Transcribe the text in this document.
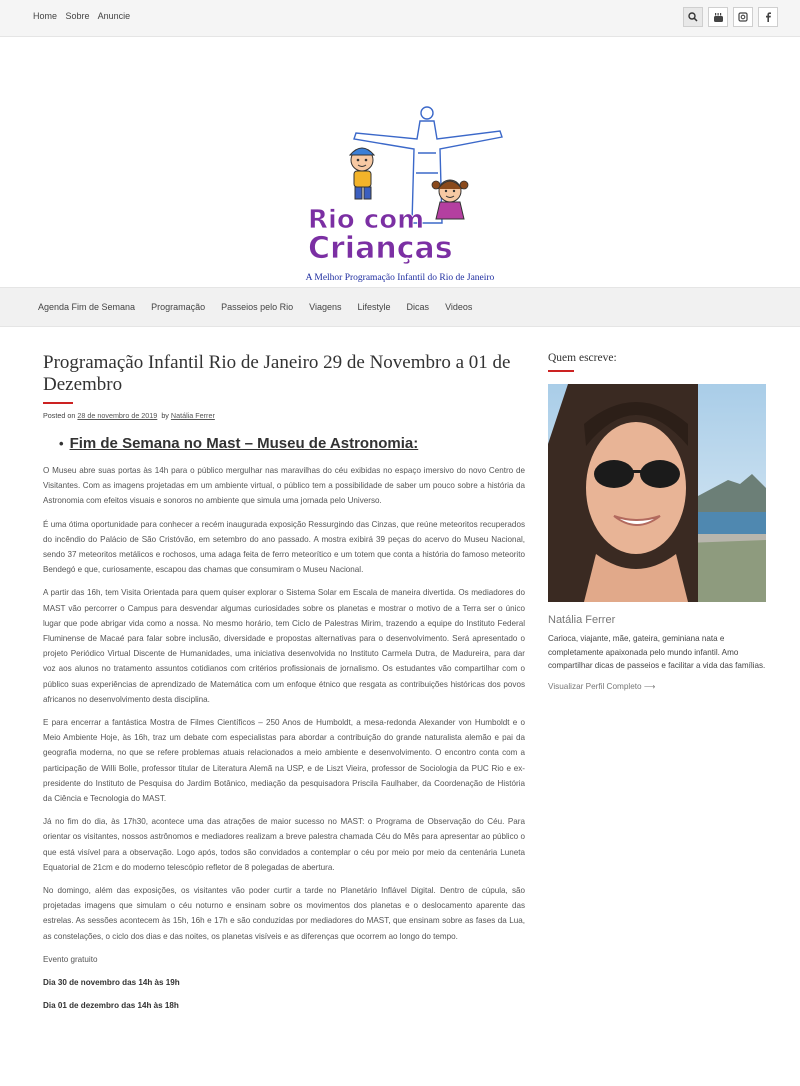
Home Sobre Anuncie
Rio com
Crianças
A Melhor Programação Infantil do Rio de Janeiro
Agenda Fim de Semana Programação Passeios pelo Rio Viagens Lifestyle Dicas Videos
Programação Infantil Rio de Janeiro 29 de Novembro a 01 de Dezembro
Posted on 28 de novembro de 2019 by Natália Ferrer
• Fim de Semana no Mast – Museu de Astronomia:

O Museu abre suas portas às 14h para o público mergulhar nas maravilhas do céu exibidas no espaço imersivo do novo Centro de Visitantes. Com as imagens projetadas em um ambiente virtual, o público tem a possibilidade de saber um pouco sobre a história da Astronomia com efeitos visuais e sonoros no ambiente que simula uma jornada pelo Universo.

É uma ótima oportunidade para conhecer a recém inaugurada exposição Ressurgindo das Cinzas, que reúne meteoritos recuperados do incêndio do Palácio de São Cristóvão, em setembro do ano passado. A mostra exibirá 39 peças do acervo do Museu Nacional, sendo 37 meteoritos metálicos e rochosos, uma adaga feita de ferro meteorítico e um totem que conta a história do famoso meteorito Bendegó e que, curiosamente, escapou das chamas que consumiram o Museu Nacional.

A partir das 16h, tem Visita Orientada para quem quiser explorar o Sistema Solar em Escala de maneira divertida. Os mediadores do MAST vão percorrer o Campus para desvendar algumas curiosidades sobre os planetas e mostrar o motivo de a Terra ser o único lugar que pode abrigar vida como a nossa. No mesmo horário, tem Ciclo de Palestras Mirim, trazendo a equipe do Instituto Federal Fluminense de Macaé para falar sobre inclusão, diversidade e propostas alternativas para o desenvolvimento. Será apresentado o projeto Periódico Virtual Discente de Humanidades, uma iniciativa desenvolvida no Instituto Carmela Dutra, de Madureira, para dar voz aos alunos no tratamento assuntos cotidianos com critérios profissionais de jornalismo. Os estudantes vão compartilhar com o público suas experiências de aprendizado de Matemática com um enfoque étnico que resgata as contribuições históricas dos povos africanos no desenvolvimento desta disciplina.

E para encerrar a fantástica Mostra de Filmes Científicos – 250 Anos de Humboldt, a mesa-redonda Alexander von Humboldt e o Meio Ambiente Hoje, às 16h, traz um debate com especialistas para abordar a contribuição do grande naturalista alemão e pai da geografia moderna, no que se refere problemas atuais relacionados a meio ambiente e desenvolvimento. O encontro conta com a participação de Willi Bolle, professor titular de Literatura Alemã na USP, e de Liszt Vieira, professor de Sociologia da PUC Rio e ex-presidente do Instituto de Pesquisa do Jardim Botânico, mediação da pesquisadora Priscila Faulhaber, da Coordenação de História da Ciência e Tecnologia do MAST.

Já no fim do dia, às 17h30, acontece uma das atrações de maior sucesso no MAST: o Programa de Observação do Céu. Para orientar os visitantes, nossos astrônomos e mediadores realizam a breve palestra chamada Céu do Mês para apresentar ao público o que está visível para a observação. Logo após, todos são convidados a contemplar o céu por meio por meio da centenária Luneta Equatorial de 21cm e do moderno telescópio refletor de 8 polegadas de abertura.

No domingo, além das exposições, os visitantes vão poder curtir a tarde no Planetário Inflável Digital. Dentro de cúpula, são projetadas imagens que simulam o céu noturno e ensinam sobre os movimentos dos planetas e o deslocamento aparente das estrelas. As sessões acontecem às 15h, 16h e 17h e são conduzidas por mediadores do MAST, que ensinam sobre as fases da Lua, as constelações, o ciclo dos dias e das noites, os planetas visíveis e as diferenças que ocorrem ao longo do tempo.

Evento gratuito

Dia 30 de novembro das 14h às 19h

Dia 01 de dezembro das 14h às 18h

Quem escreve:
Natália Ferrer
Carioca, viajante, mãe, gateira, geminiana nata e completamente apaixonada pelo mundo infantil. Amo compartilhar dicas de passeios e facilitar a vida das famílias.
Visualizar Perfil Completo ⟶
